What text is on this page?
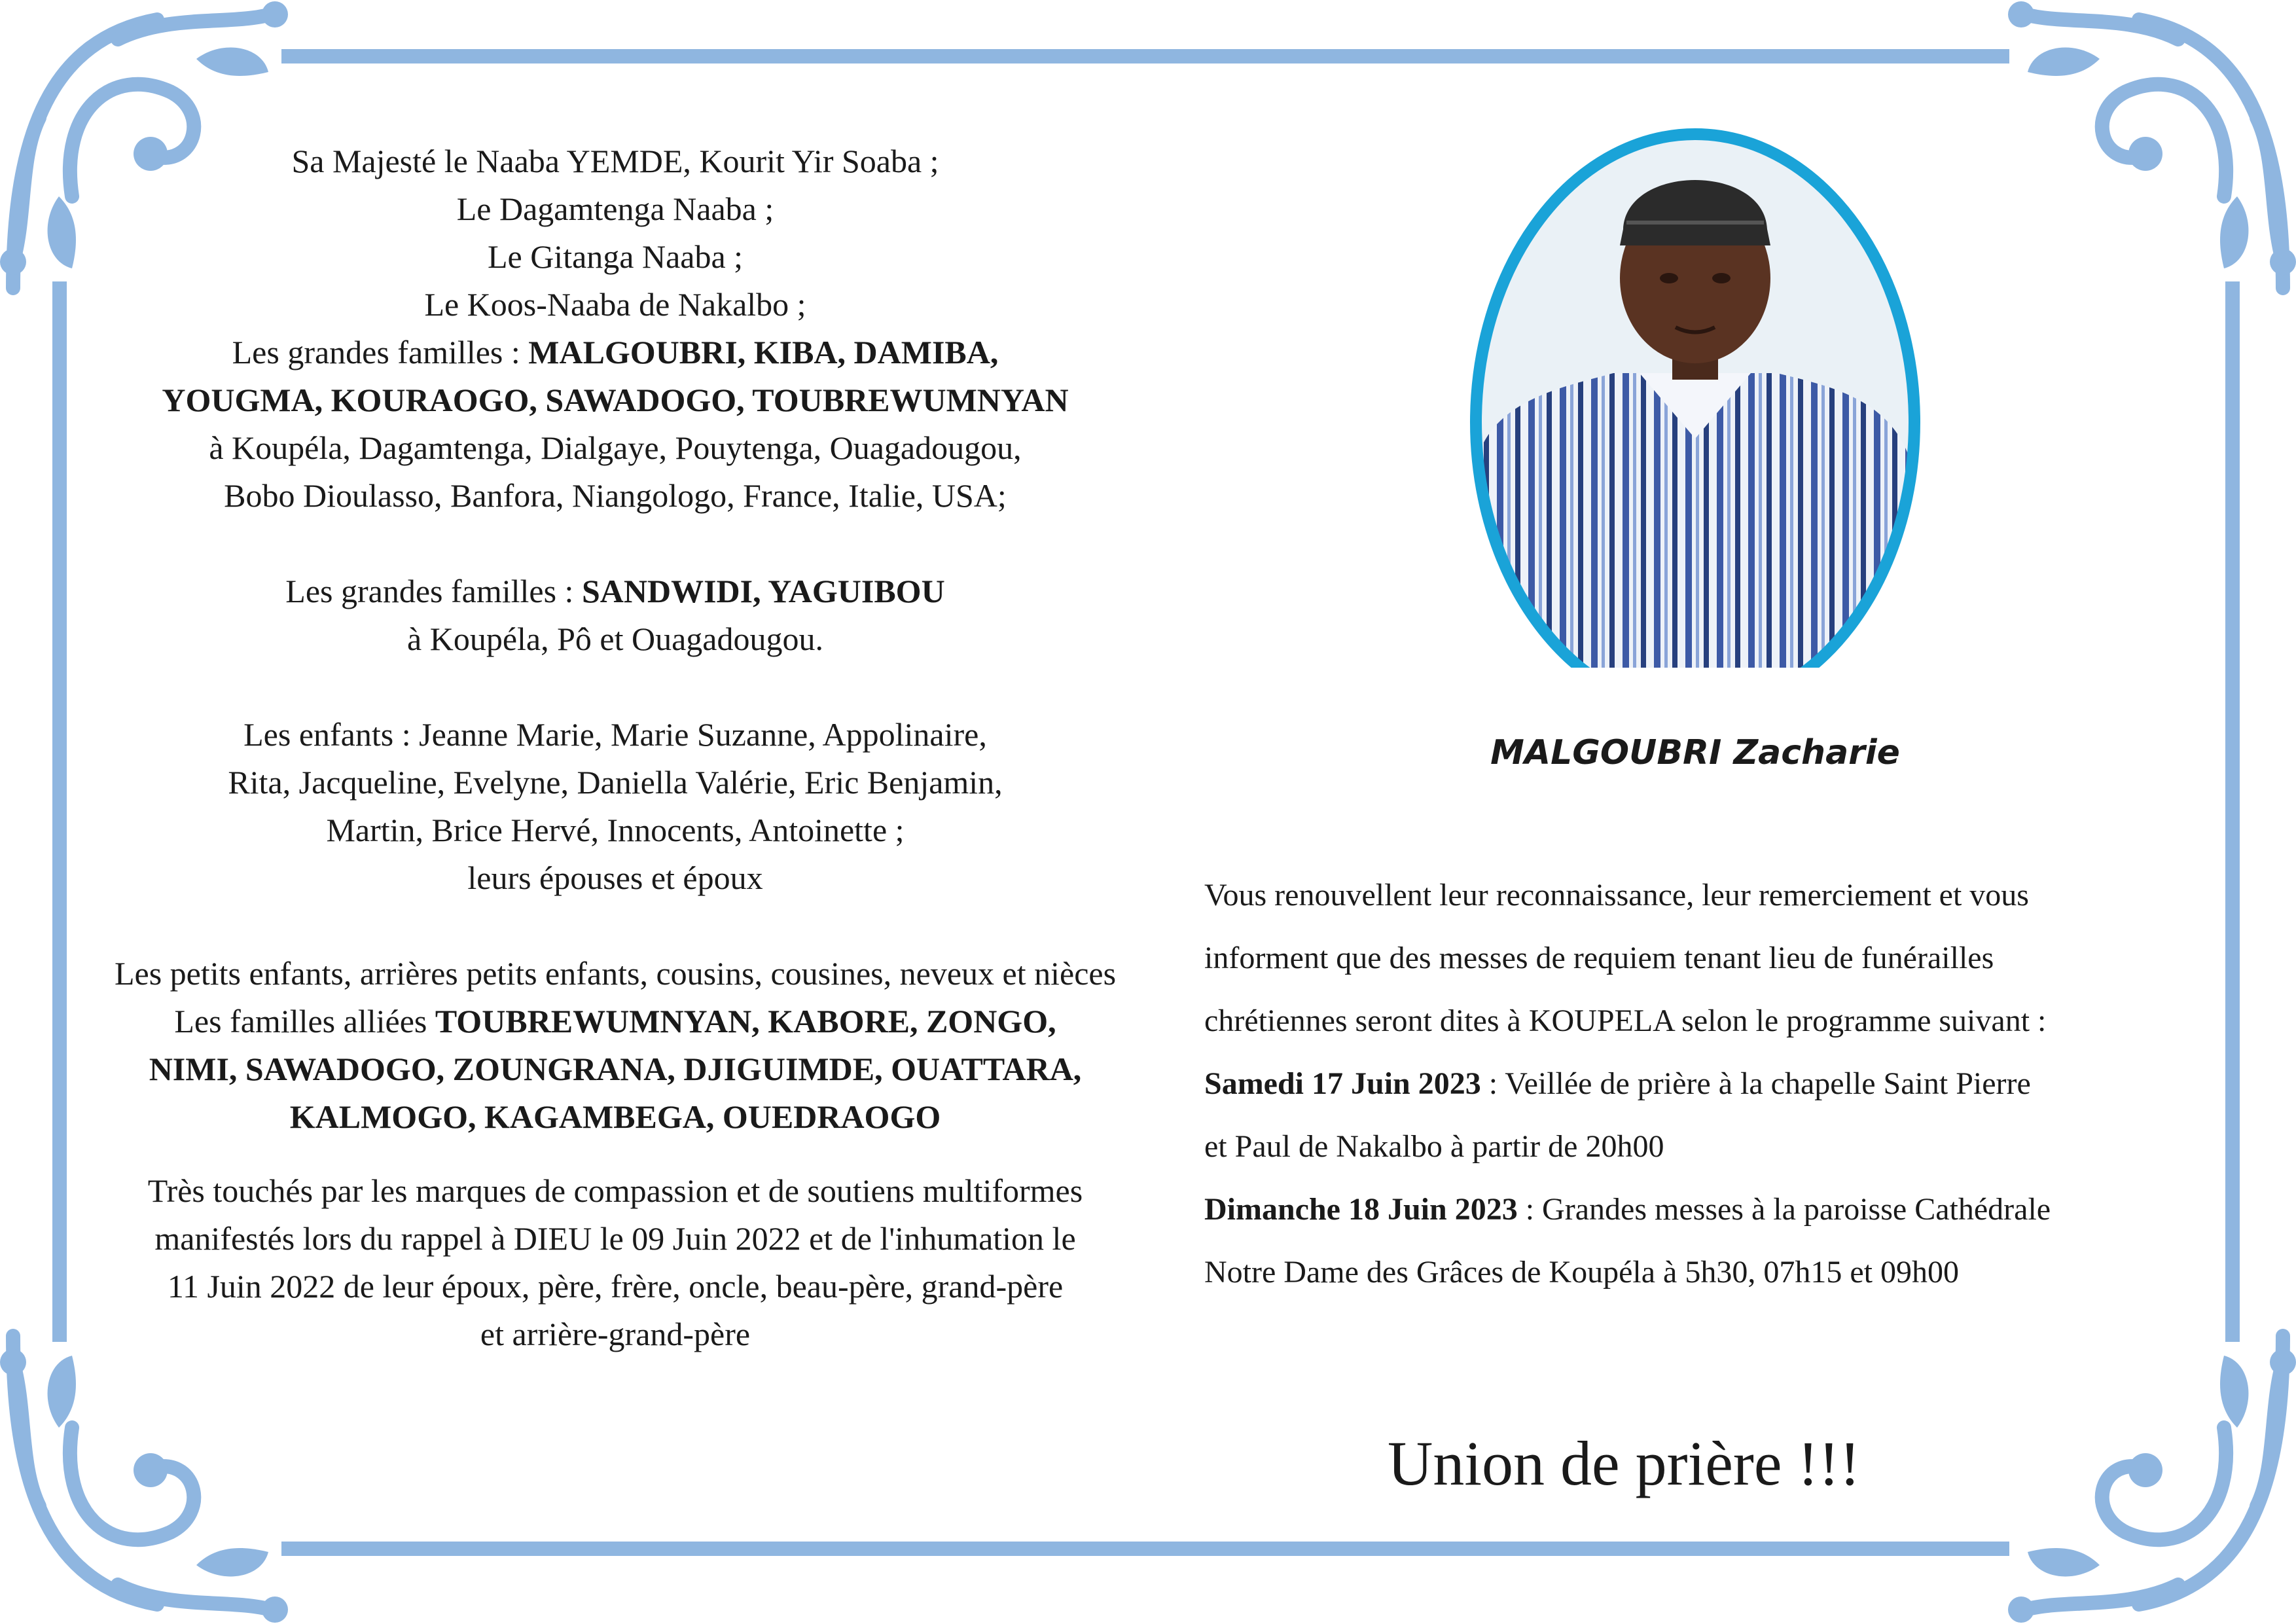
Sa Majesté le Naaba YEMDE, Kourit Yir Soaba ;

Le Dagamtenga Naaba ;

Le Gitanga Naaba ;

Le Koos-Naaba de Nakalbo ;

Les grandes familles : MALGOUBRI, KIBA, DAMIBA,

YOUGMA, KOURAOGO, SAWADOGO, TOUBREWUMNYAN

à Koupéla, Dagamtenga, Dialgaye, Pouytenga, Ouagadougou,

Bobo Dioulasso, Banfora, Niangologo, France, Italie, USA;

Les grandes familles : SANDWIDI, YAGUIBOU

à Koupéla, Pô et Ouagadougou.

Les enfants : Jeanne Marie, Marie Suzanne, Appolinaire,

Rita, Jacqueline, Evelyne, Daniella Valérie, Eric Benjamin,

Martin, Brice Hervé, Innocents, Antoinette ;

leurs épouses et époux

Les petits enfants, arrières petits enfants, cousins, cousines, neveux et nièces

Les familles alliées TOUBREWUMNYAN, KABORE, ZONGO,

NIMI, SAWADOGO, ZOUNGRANA, DJIGUIMDE, OUATTARA,

KALMOGO, KAGAMBEGA, OUEDRAOGO

Très touchés par les marques de compassion et de soutiens multiformes

manifestés lors du rappel à DIEU le 09 Juin 2022 et de l'inhumation le

11 Juin 2022 de leur époux, père, frère, oncle, beau-père, grand-père

et arrière-grand-père

MALGOUBRI Zacharie

Vous renouvellent leur reconnaissance, leur remerciement et vous

informent que des messes de requiem tenant lieu de funérailles

chrétiennes seront dites à KOUPELA selon le programme suivant :

Samedi 17 Juin 2023 : Veillée de prière à la chapelle Saint Pierre

et Paul de Nakalbo à partir de 20h00

Dimanche 18 Juin 2023 : Grandes messes à la paroisse Cathédrale

Notre Dame des Grâces de Koupéla à 5h30, 07h15 et 09h00

Union de prière !!!
